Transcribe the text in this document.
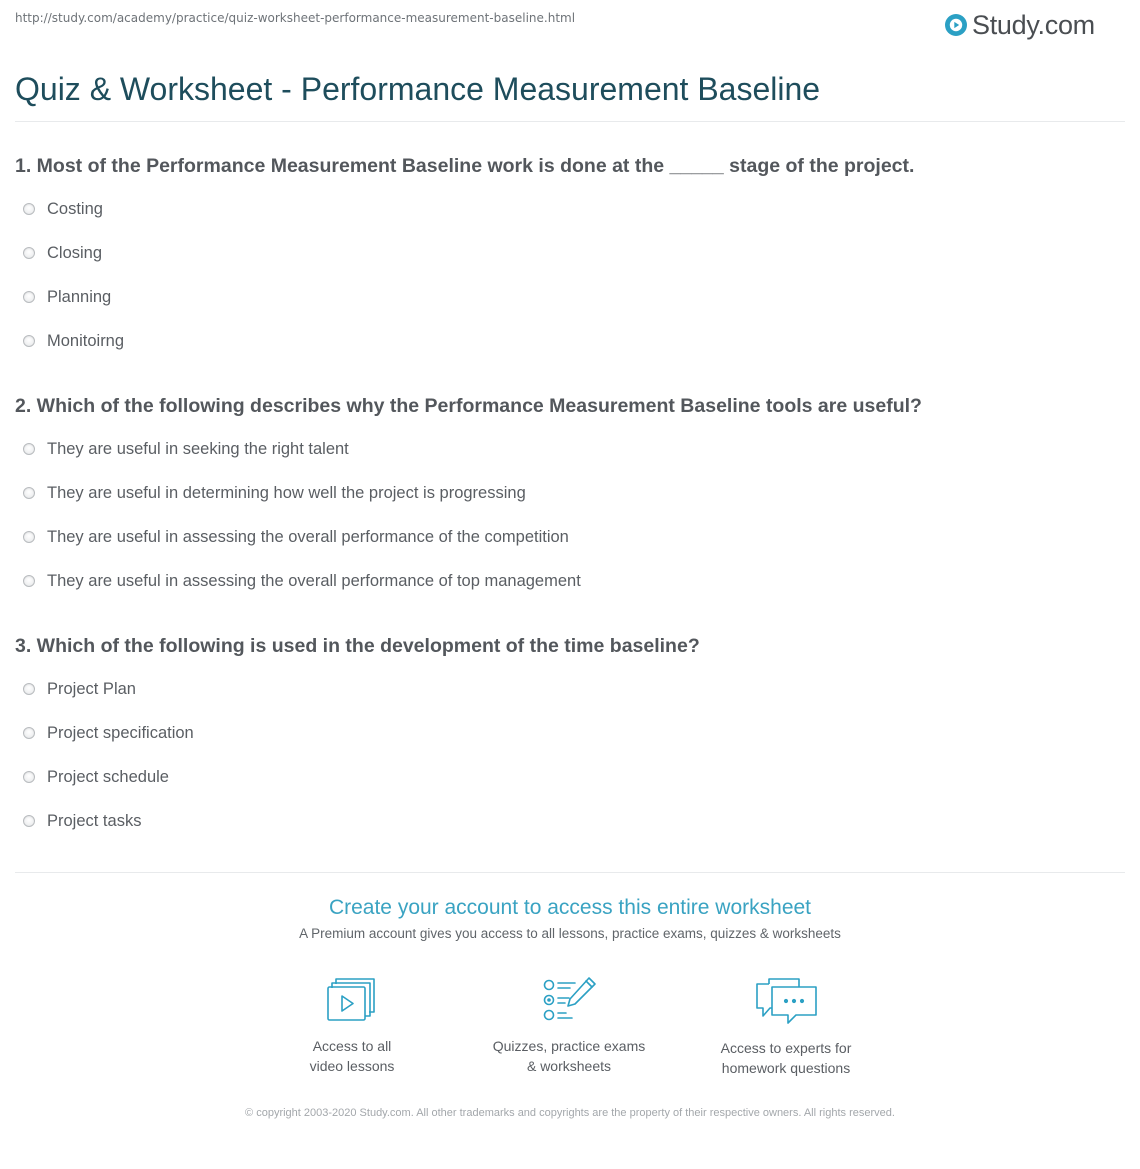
http://study.com/academy/practice/quiz-worksheet-performance-measurement-baseline.html	Study.com
Quiz & Worksheet - Performance Measurement Baseline

1. Most of the Performance Measurement Baseline work is done at the _____ stage of the project.

Costing
Closing
Planning
Monitoirng

2. Which of the following describes why the Performance Measurement Baseline tools are useful?

They are useful in seeking the right talent
They are useful in determining how well the project is progressing
They are useful in assessing the overall performance of the competition
They are useful in assessing the overall performance of top management

3. Which of the following is used in the development of the time baseline?

Project Plan
Project specification
Project schedule
Project tasks
Create your account to access this entire worksheet

A Premium account gives you access to all lessons, practice exams, quizzes & worksheets

Access to all
video lessons
Quizzes, practice exams
& worksheets
Access to experts for
homework questions
© copyright 2003-2020 Study.com. All other trademarks and copyrights are the property of their respective owners. All rights reserved.
